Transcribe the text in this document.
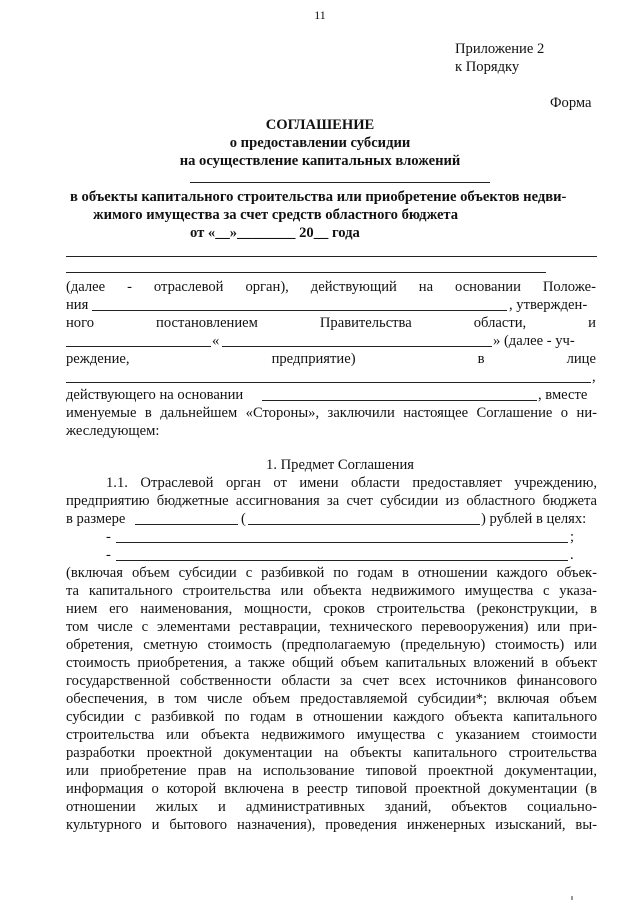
11
Приложение 2
к Порядку
Форма
СОГЛАШЕНИЕ
о предоставлении субсидии
на осуществление капитальных вложений
в объекты капитального строительства или приобретение объектов недви-
жимого имущества за счет средств областного бюджета
от «__»________ 20__ года
(далее - отраслевой орган), действующий на основании Положе-
ния	, утвержден-
ного	постановлением	Правительства	области,	и
«	» (далее - уч-
реждение,	предприятие)	в	лице
,
действующего на основании	, вместе
именуемые в дальнейшем «Стороны», заключили настоящее Соглашение о ни-
жеследующем:
1. Предмет Соглашения
1.1. Отраслевой орган от имени области предоставляет учреждению,
предприятию бюджетные ассигнования за счет субсидии из областного бюджета
в размере	(	) рублей в целях:
-	;
-	.
(включая объем субсидии с разбивкой по годам в отношении каждого объек-
та капитального строительства или объекта недвижимого имущества с указа-
нием его наименования, мощности, сроков строительства (реконструкции, в
том числе с элементами реставрации, технического перевооружения) или при-
обретения, сметную стоимость (предполагаемую (предельную) стоимость) или
стоимость приобретения, а также общий объем капитальных вложений в объект
государственной собственности области за счет всех источников финансового
обеспечения, в том числе объем предоставляемой субсидии*; включая объем
субсидии с разбивкой по годам в отношении каждого объекта капитального
строительства или объекта недвижимого имущества с указанием стоимости
разработки проектной документации на объекты капитального строительства
или приобретение прав на использование типовой проектной документации,
информация о которой включена в реестр типовой проектной документации (в
отношении жилых и административных зданий, объектов социально-
культурного и бытового назначения), проведения инженерных изысканий, вы-
